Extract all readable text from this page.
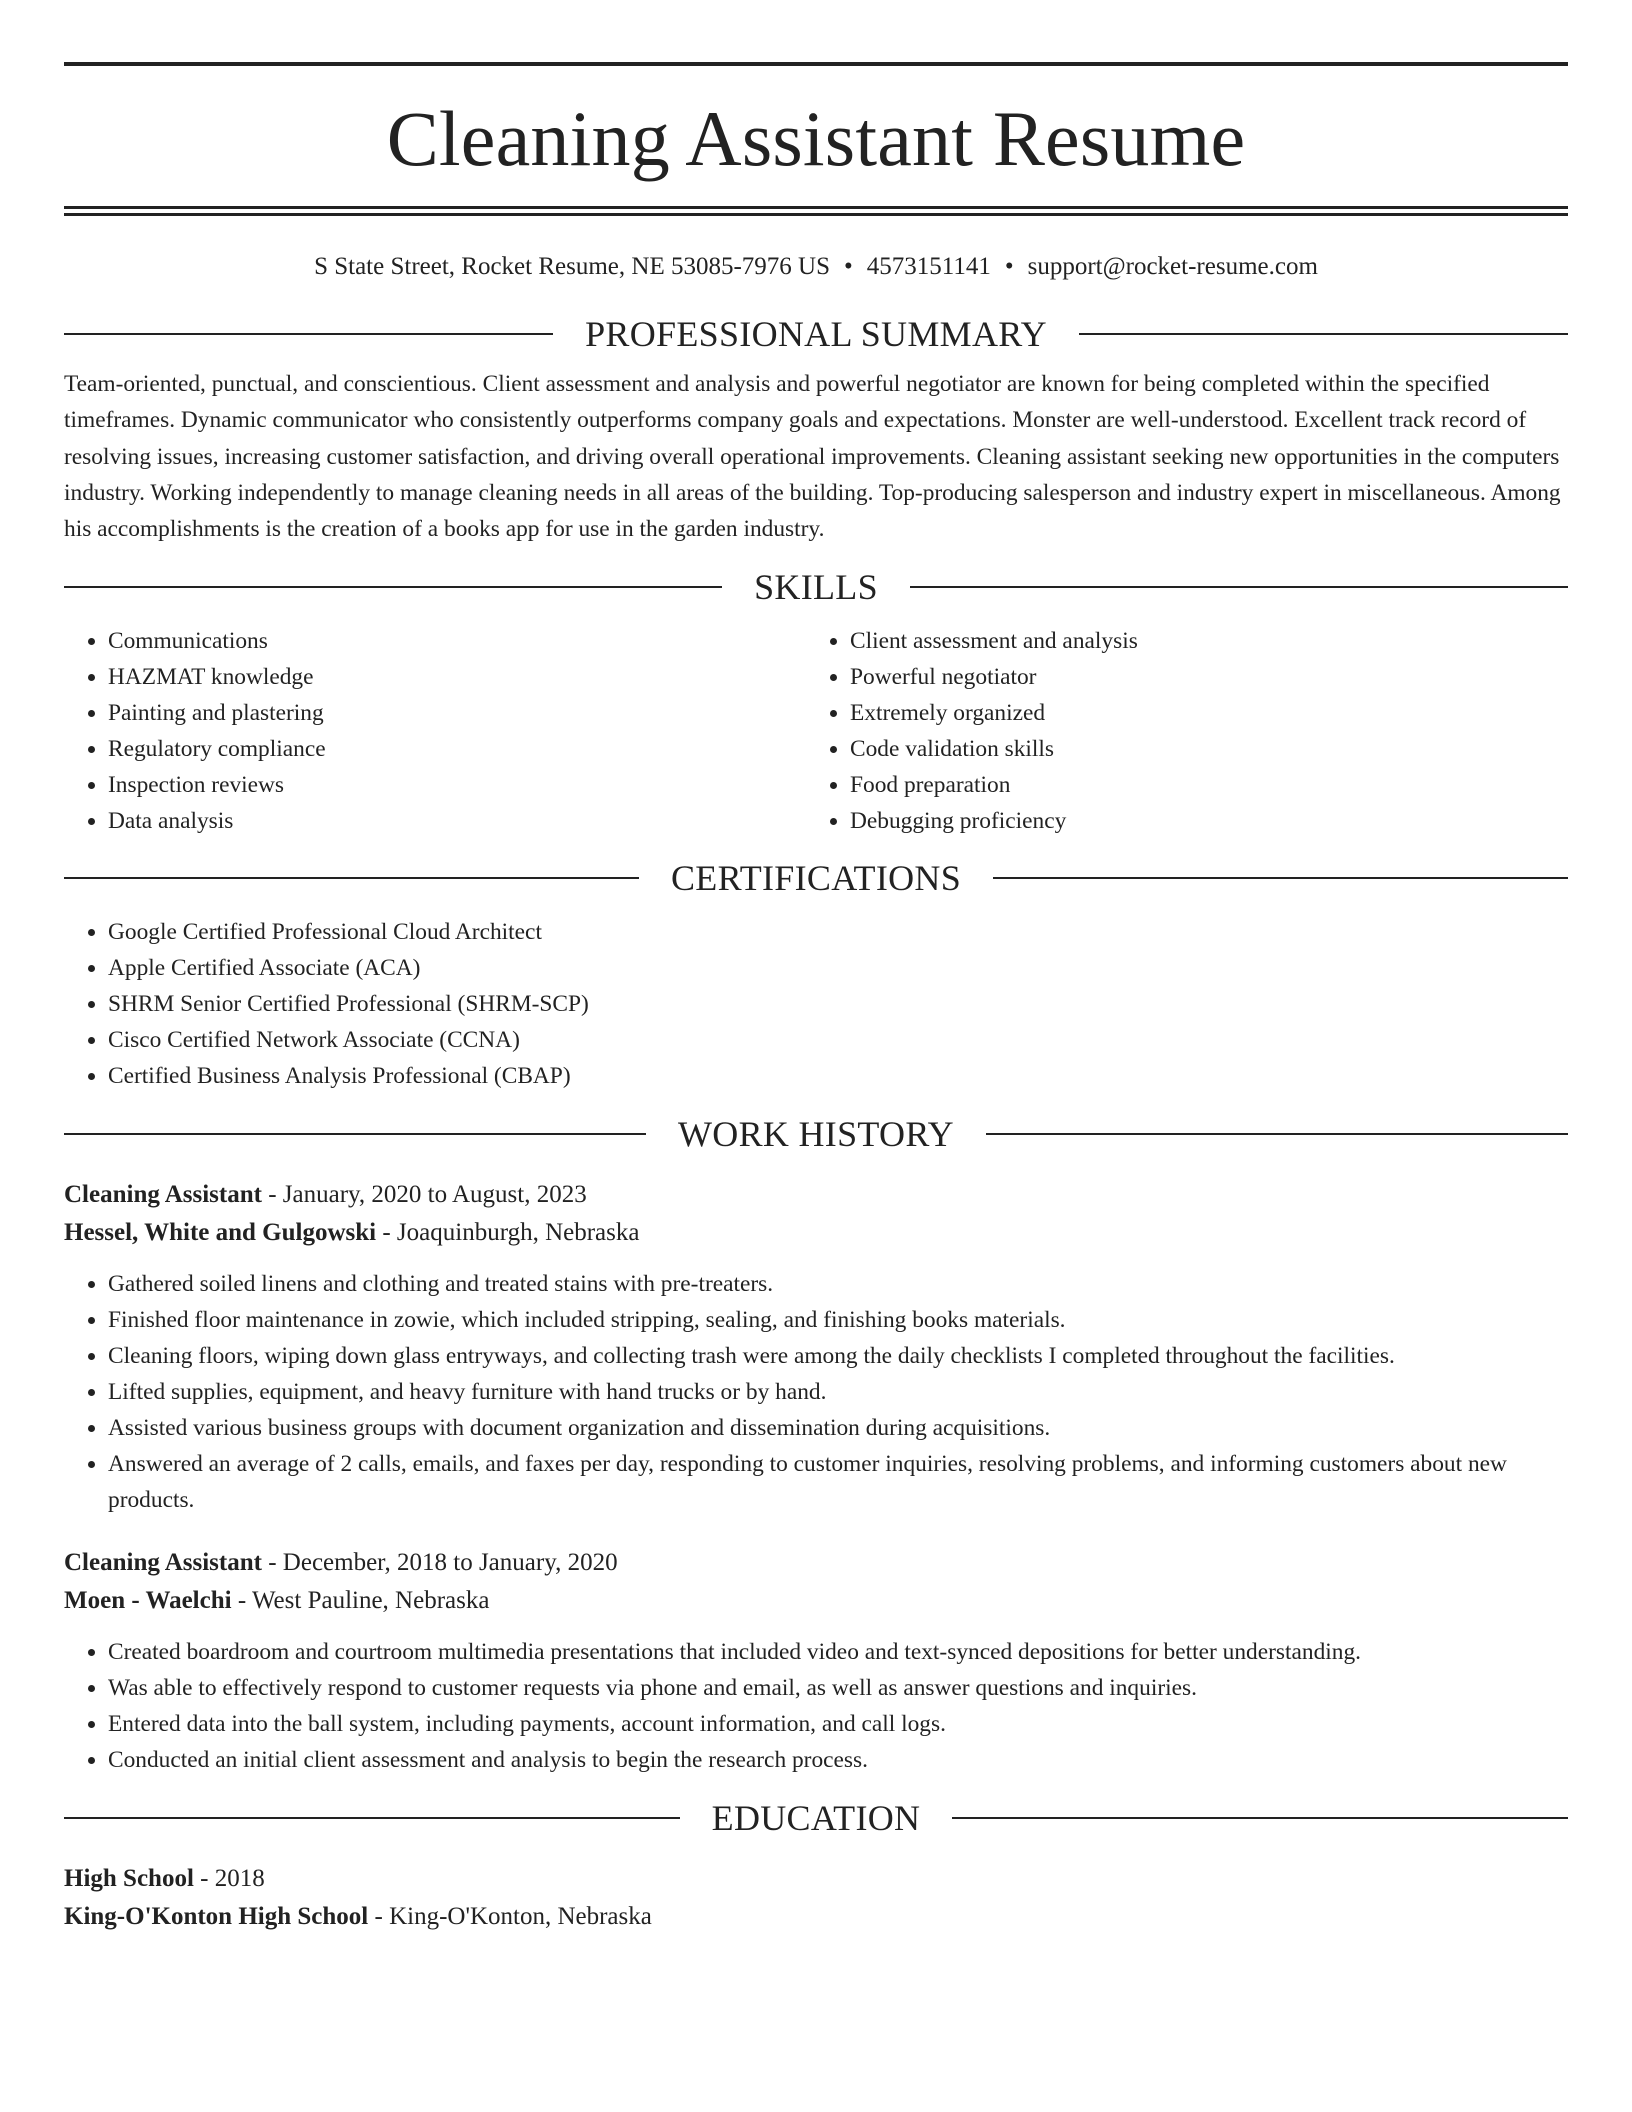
Cleaning Assistant Resume
S State Street, Rocket Resume, NE 53085-7976 US • 4573151141 • support@rocket-resume.com
PROFESSIONAL SUMMARY

Team-oriented, punctual, and conscientious. Client assessment and analysis and powerful negotiator are known for being completed within the specified timeframes. Dynamic communicator who consistently outperforms company goals and expectations. Monster are well-understood. Excellent track record of resolving issues, increasing customer satisfaction, and driving overall operational improvements. Cleaning assistant seeking new opportunities in the computers industry. Working independently to manage cleaning needs in all areas of the building. Top-producing salesperson and industry expert in miscellaneous. Among his accomplishments is the creation of a books app for use in the garden industry.

SKILLS
• Communications
• HAZMAT knowledge
• Painting and plastering
• Regulatory compliance
• Inspection reviews
• Data analysis
• Client assessment and analysis
• Powerful negotiator
• Extremely organized
• Code validation skills
• Food preparation
• Debugging proficiency
CERTIFICATIONS
• Google Certified Professional Cloud Architect
• Apple Certified Associate (ACA)
• SHRM Senior Certified Professional (SHRM-SCP)
• Cisco Certified Network Associate (CCNA)
• Certified Business Analysis Professional (CBAP)
WORK HISTORY
Cleaning Assistant - January, 2020 to August, 2023
Hessel, White and Gulgowski - Joaquinburgh, Nebraska
• Gathered soiled linens and clothing and treated stains with pre-treaters.
• Finished floor maintenance in zowie, which included stripping, sealing, and finishing books materials.
• Cleaning floors, wiping down glass entryways, and collecting trash were among the daily checklists I completed throughout the facilities.
• Lifted supplies, equipment, and heavy furniture with hand trucks or by hand.
• Assisted various business groups with document organization and dissemination during acquisitions.
• Answered an average of 2 calls, emails, and faxes per day, responding to customer inquiries, resolving problems, and informing customers about new products.
Cleaning Assistant - December, 2018 to January, 2020
Moen - Waelchi - West Pauline, Nebraska
• Created boardroom and courtroom multimedia presentations that included video and text-synced depositions for better understanding.
• Was able to effectively respond to customer requests via phone and email, as well as answer questions and inquiries.
• Entered data into the ball system, including payments, account information, and call logs.
• Conducted an initial client assessment and analysis to begin the research process.
EDUCATION
High School - 2018
King-O'Konton High School - King-O'Konton, Nebraska
